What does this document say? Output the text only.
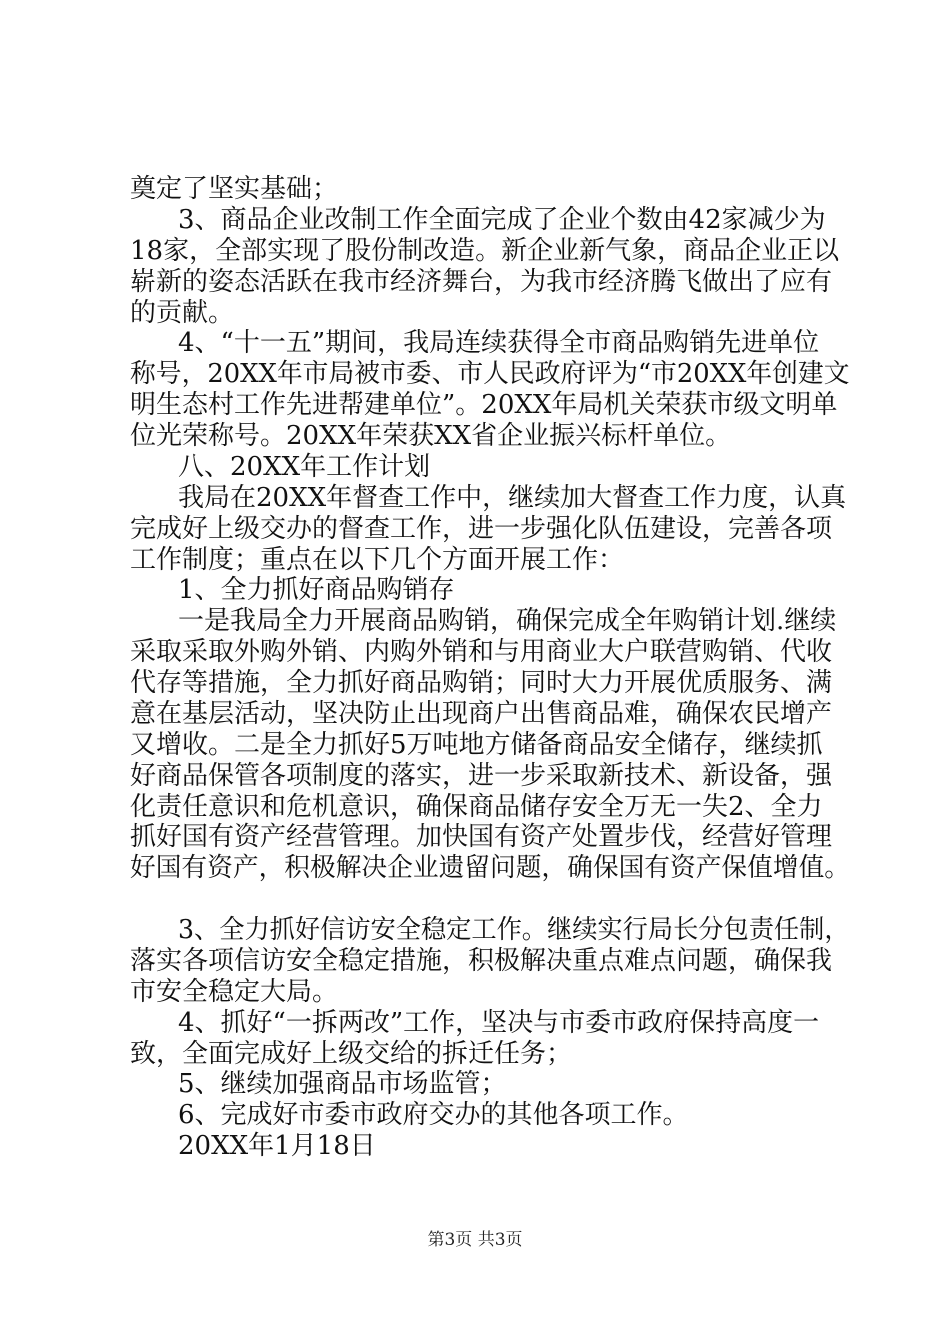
奠定了坚实基础；

3、商品企业改制工作全面完成了企业个数由42家减少为

18家，全部实现了股份制改造。新企业新气象，商品企业正以

崭新的姿态活跃在我市经济舞台，为我市经济腾飞做出了应有

的贡献。

4、“十一五”期间，我局连续获得全市商品购销先进单位

称号，20XX年市局被市委、市人民政府评为“市20XX年创建文

明生态村工作先进帮建单位”。20XX年局机关荣获市级文明单

位光荣称号。20XX年荣获XX省企业振兴标杆单位。

八、20XX年工作计划

我局在20XX年督查工作中，继续加大督查工作力度，认真

完成好上级交办的督查工作，进一步强化队伍建设，完善各项

工作制度；重点在以下几个方面开展工作：

1、全力抓好商品购销存

一是我局全力开展商品购销，确保完成全年购销计划.继续

采取采取外购外销、内购外销和与用商业大户联营购销、代收

代存等措施，全力抓好商品购销；同时大力开展优质服务、满

意在基层活动，坚决防止出现商户出售商品难，确保农民增产

又增收。二是全力抓好5万吨地方储备商品安全储存，继续抓

好商品保管各项制度的落实，进一步采取新技术、新设备，强

化责任意识和危机意识，确保商品储存安全万无一失2、全力

抓好国有资产经营管理。加快国有资产处置步伐，经营好管理

好国有资产，积极解决企业遗留问题，确保国有资产保值增值。

3、全力抓好信访安全稳定工作。继续实行局长分包责任制，

落实各项信访安全稳定措施，积极解决重点难点问题，确保我

市安全稳定大局。

4、抓好“一拆两改”工作，坚决与市委市政府保持高度一

致，全面完成好上级交给的拆迁任务；

5、继续加强商品市场监管；

6、完成好市委市政府交办的其他各项工作。

20XX年1月18日

第3页 共3页
